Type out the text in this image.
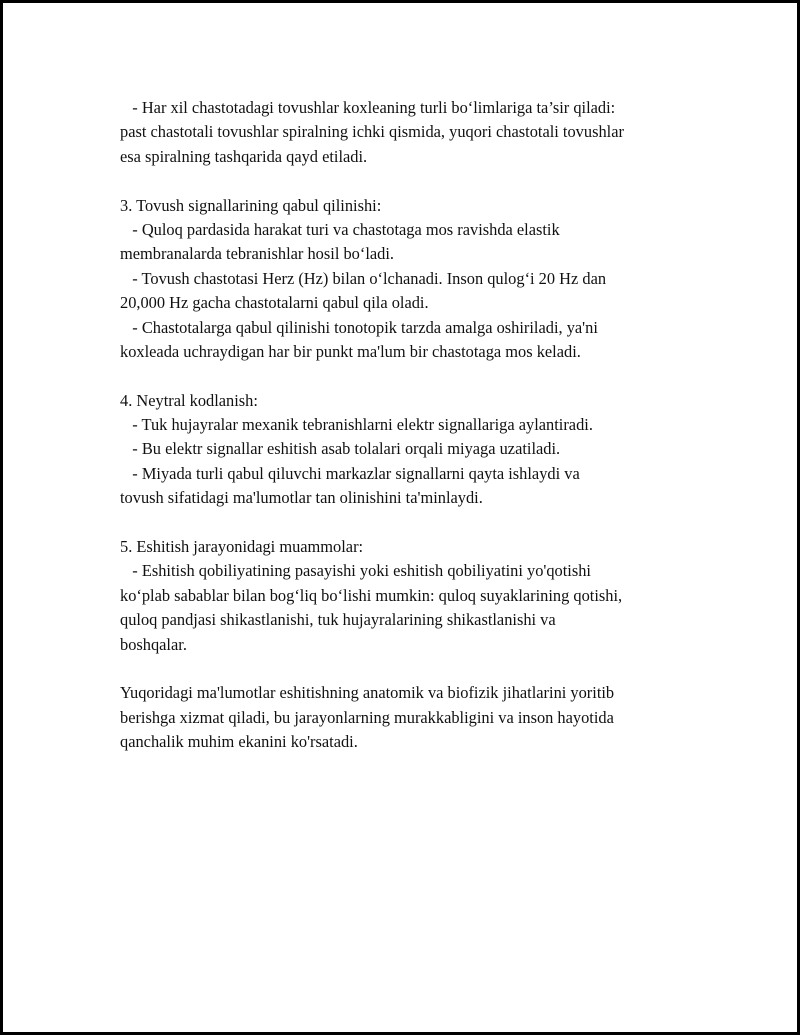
- Har xil chastotadagi tovushlar koxleaning turli bo‘limlariga ta’sir qiladi:
past chastotali tovushlar spiralning ichki qismida, yuqori chastotali tovushlar
esa spiralning tashqarida qayd etiladi.
3. Tovush signallarining qabul qilinishi:
- Quloq pardasida harakat turi va chastotaga mos ravishda elastik
membranalarda tebranishlar hosil bo‘ladi.
- Tovush chastotasi Herz (Hz) bilan o‘lchanadi. Inson qulog‘i 20 Hz dan
20,000 Hz gacha chastotalarni qabul qila oladi.
- Chastotalarga qabul qilinishi tonotopik tarzda amalga oshiriladi, ya'ni
koxleada uchraydigan har bir punkt ma'lum bir chastotaga mos keladi.
4. Neytral kodlanish:
- Tuk hujayralar mexanik tebranishlarni elektr signallariga aylantiradi.
- Bu elektr signallar eshitish asab tolalari orqali miyaga uzatiladi.
- Miyada turli qabul qiluvchi markazlar signallarni qayta ishlaydi va
tovush sifatidagi ma'lumotlar tan olinishini ta'minlaydi.
5. Eshitish jarayonidagi muammolar:
- Eshitish qobiliyatining pasayishi yoki eshitish qobiliyatini yo'qotishi
ko‘plab sabablar bilan bog‘liq bo‘lishi mumkin: quloq suyaklarining qotishi,
quloq pandjasi shikastlanishi, tuk hujayralarining shikastlanishi va
boshqalar.
Yuqoridagi ma'lumotlar eshitishning anatomik va biofizik jihatlarini yoritib
berishga xizmat qiladi, bu jarayonlarning murakkabligini va inson hayotida
qanchalik muhim ekanini ko'rsatadi.
